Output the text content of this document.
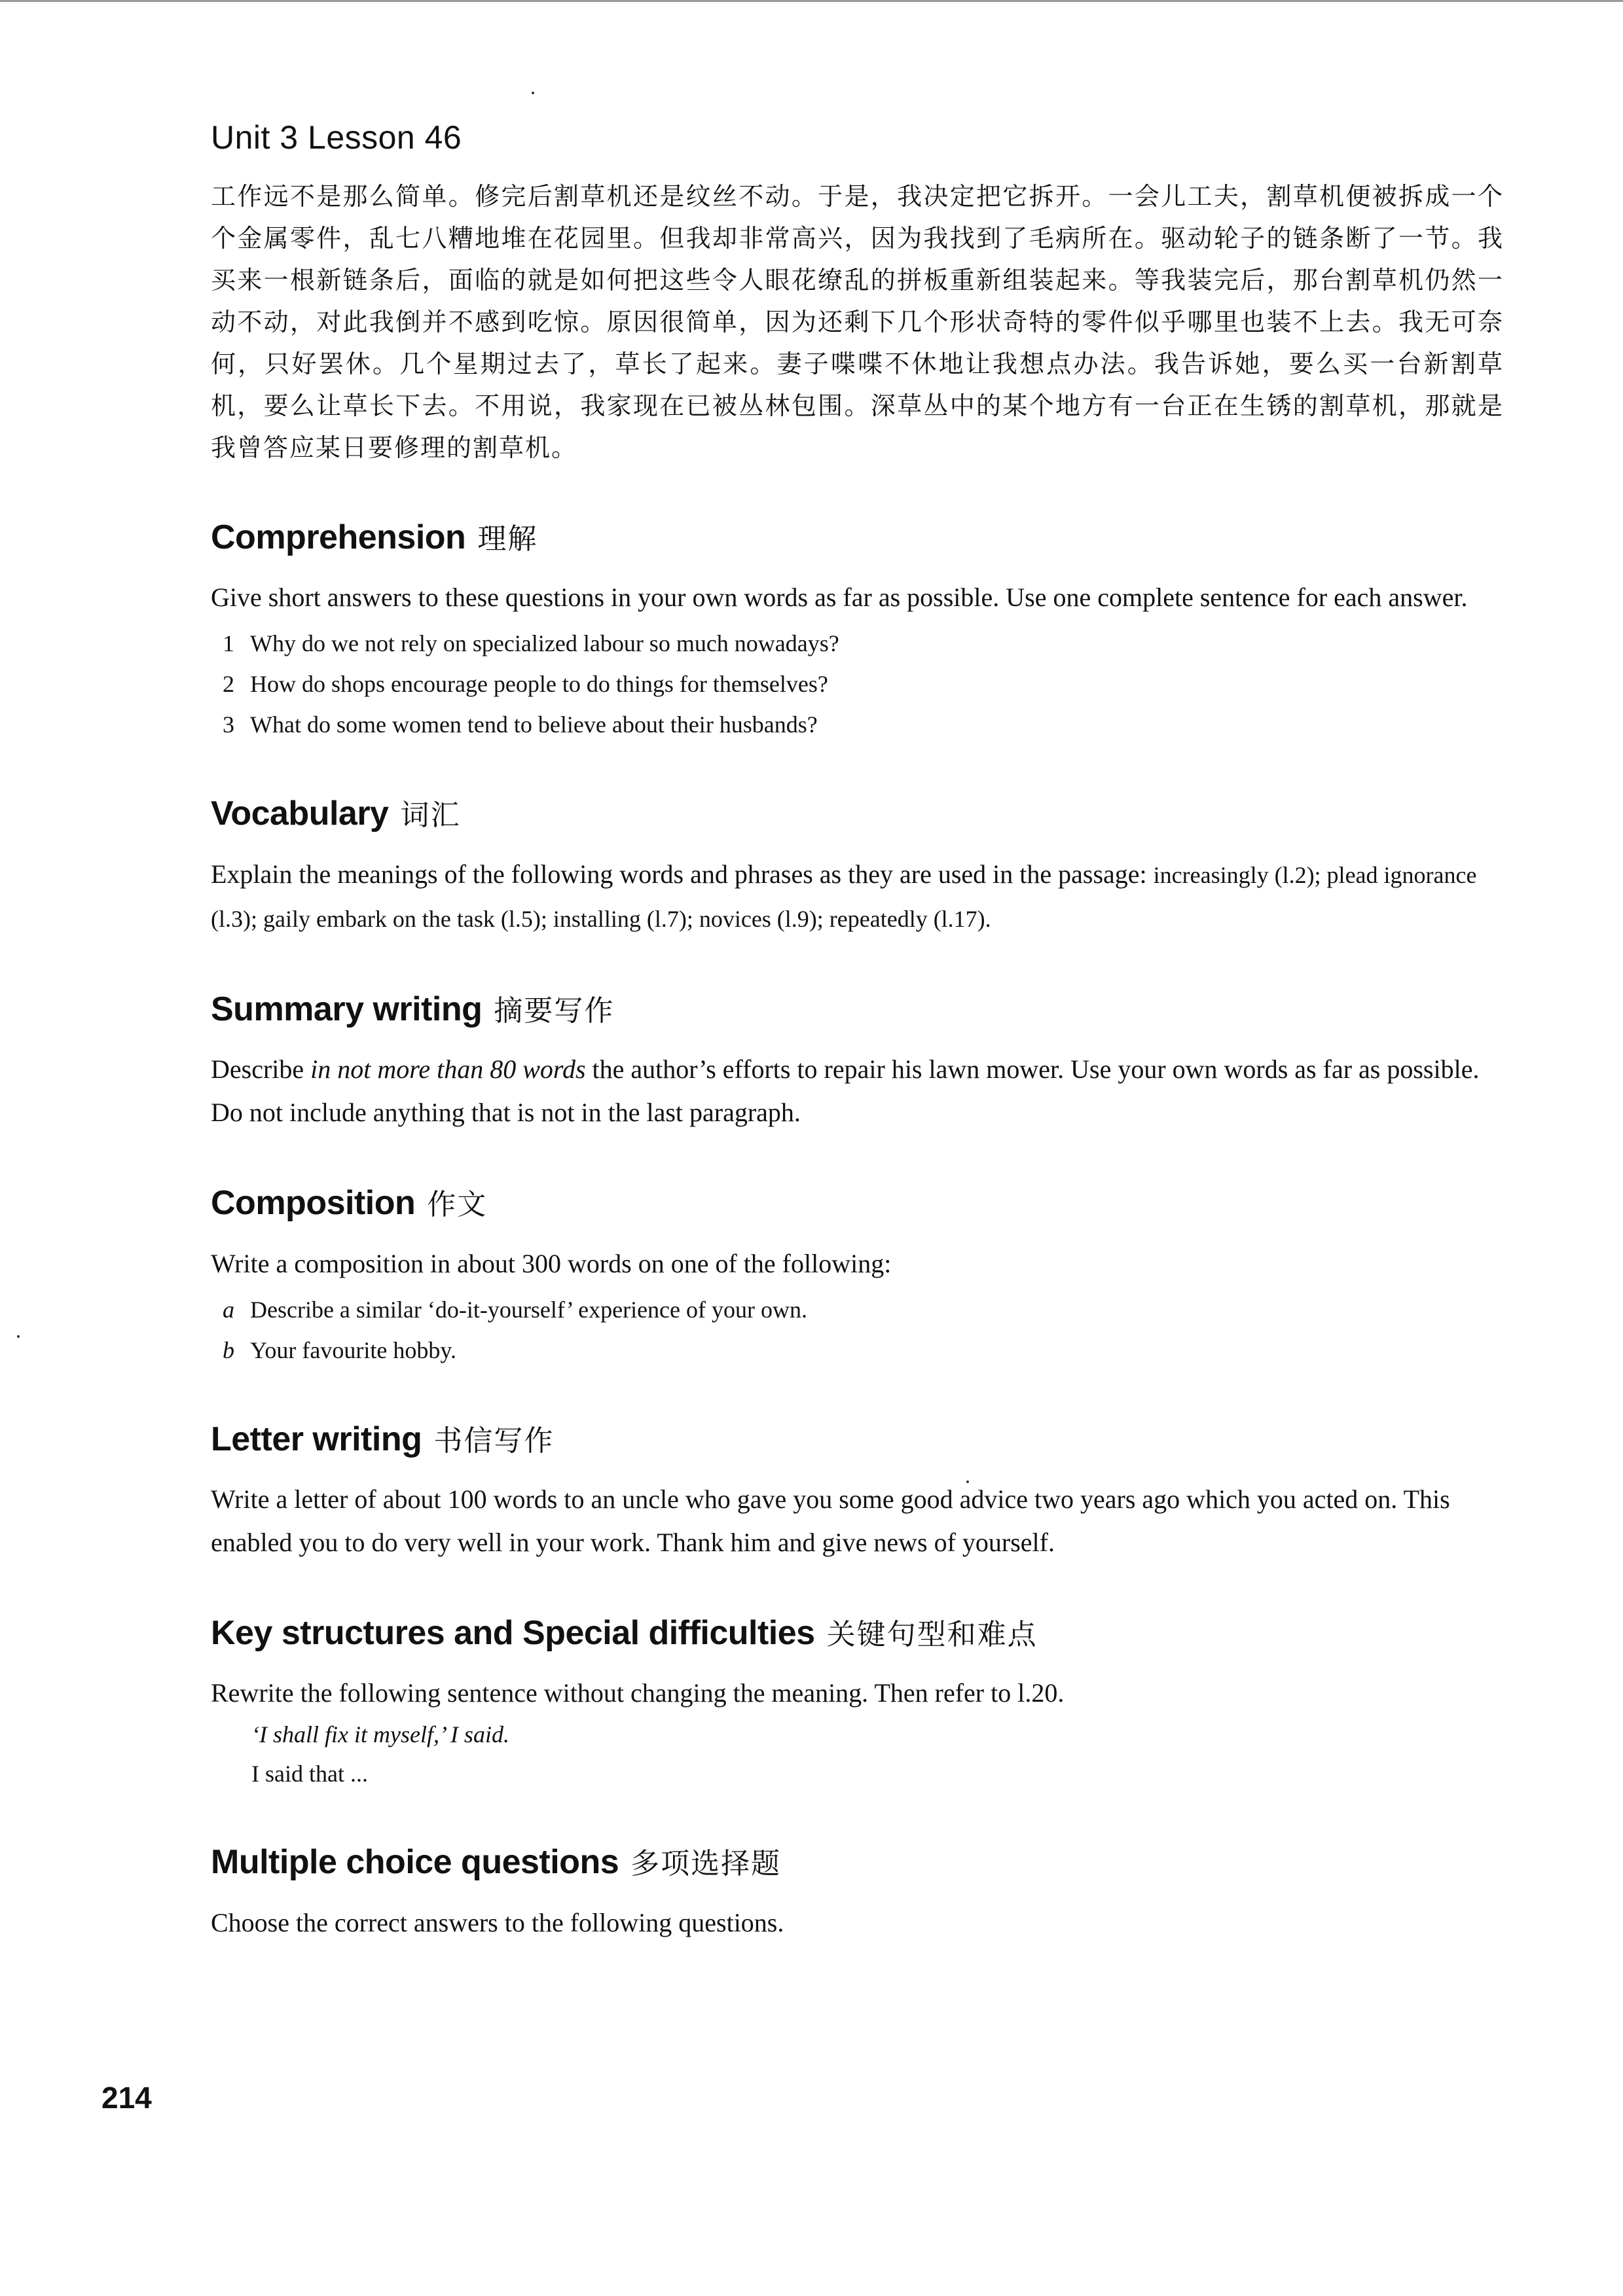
Unit 3 Lesson 46

工作远不是那么简单。修完后割草机还是纹丝不动。于是，我决定把它拆开。一会儿工夫，割草机便被拆成一个个金属零件，乱七八糟地堆在花园里。但我却非常高兴，因为我找到了毛病所在。驱动轮子的链条断了一节。我买来一根新链条后，面临的就是如何把这些令人眼花缭乱的拼板重新组装起来。等我装完后，那台割草机仍然一动不动，对此我倒并不感到吃惊。原因很简单，因为还剩下几个形状奇特的零件似乎哪里也装不上去。我无可奈何，只好罢休。几个星期过去了，草长了起来。妻子喋喋不休地让我想点办法。我告诉她，要么买一台新割草机，要么让草长下去。不用说，我家现在已被丛林包围。深草丛中的某个地方有一台正在生锈的割草机，那就是我曾答应某日要修理的割草机。

Comprehension 理解

Give short answers to these questions in your own words as far as possible. Use one complete sentence for each answer.

1 Why do we not rely on specialized labour so much nowadays?
2 How do shops encourage people to do things for themselves?
3 What do some women tend to believe about their husbands?
Vocabulary 词汇

Explain the meanings of the following words and phrases as they are used in the passage: increasingly (l.2); plead ignorance (l.3); gaily embark on the task (l.5); installing (l.7); novices (l.9); repeatedly (l.17).

Summary writing 摘要写作

Describe in not more than 80 words the author’s efforts to repair his lawn mower. Use your own words as far as possible. Do not include anything that is not in the last paragraph.

Composition 作文

Write a composition in about 300 words on one of the following:

a Describe a similar ‘do-it-yourself’ experience of your own.
b Your favourite hobby.
Letter writing 书信写作

Write a letter of about 100 words to an uncle who gave you some good advice two years ago which you acted on. This enabled you to do very well in your work. Thank him and give news of yourself.

Key structures and Special difficulties 关键句型和难点

Rewrite the following sentence without changing the meaning. Then refer to l.20.

‘I shall fix it myself,’ I said.
I said that ...
Multiple choice questions 多项选择题

Choose the correct answers to the following questions.

214
